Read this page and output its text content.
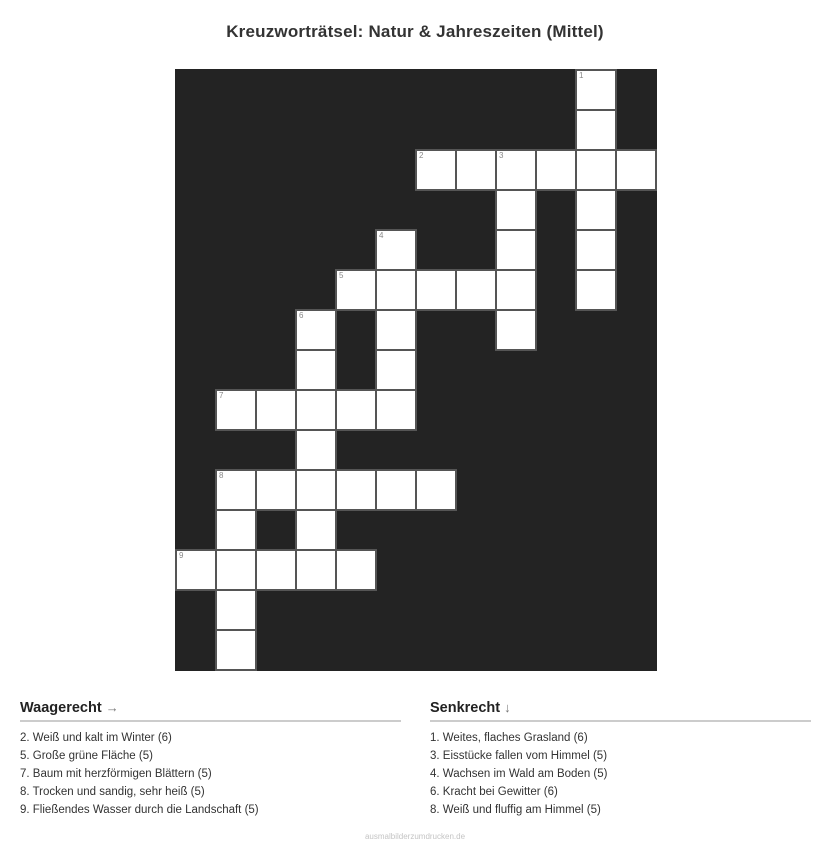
Kreuzworträtsel: Natur & Jahreszeiten (Mittel)
1
2	3
4
5
6
7
8
9
Waagerecht →
2. Weiß und kalt im Winter (6)
5. Große grüne Fläche (5)
7. Baum mit herzförmigen Blättern (5)
8. Trocken und sandig, sehr heiß (5)
9. Fließendes Wasser durch die Landschaft (5)
Senkrecht ↓
1. Weites, flaches Grasland (6)
3. Eisstücke fallen vom Himmel (5)
4. Wachsen im Wald am Boden (5)
6. Kracht bei Gewitter (6)
8. Weiß und fluffig am Himmel (5)
ausmalbilderzumdrucken.de
